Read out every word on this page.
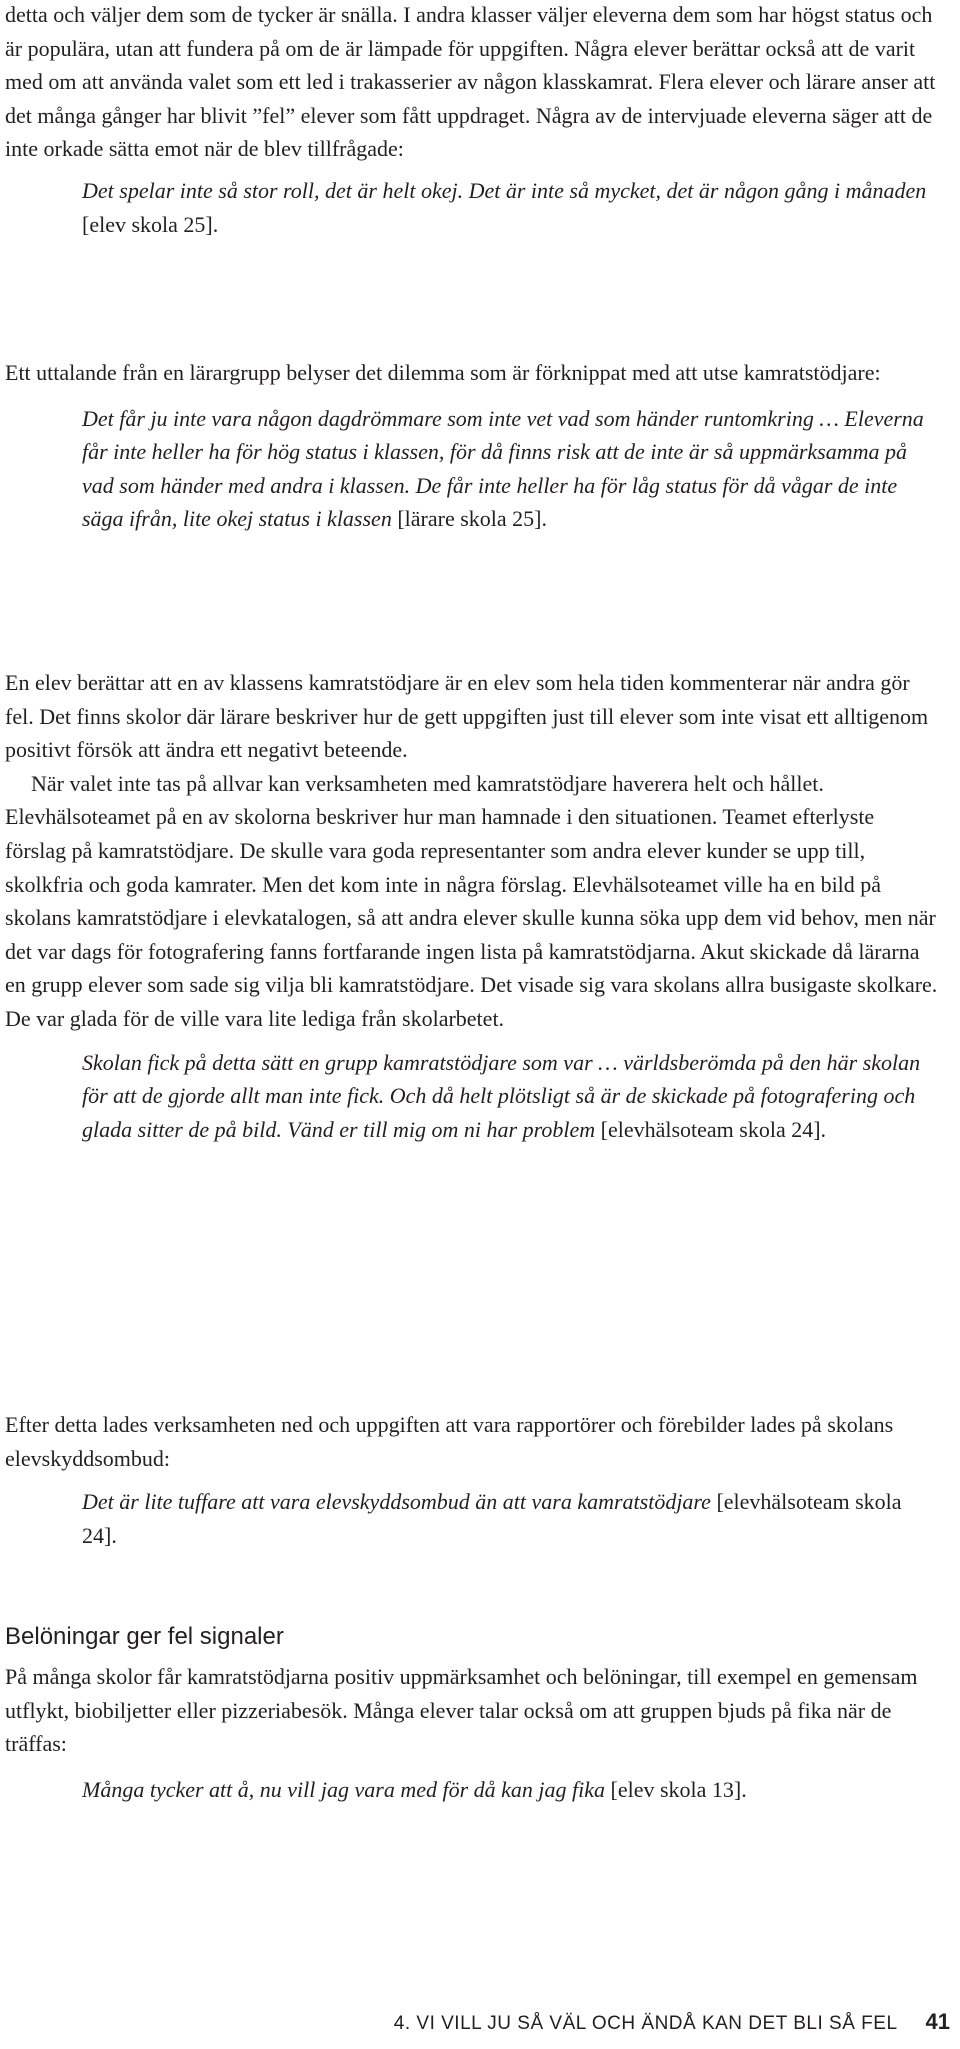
detta och väljer dem som de tycker är snälla. I andra klasser väljer eleverna dem som har högst status och är populära, utan att fundera på om de är lämpade för uppgiften. Några elever berättar också att de varit med om att använda valet som ett led i trakasserier av någon klasskamrat. Flera elever och lärare anser att det många gånger har blivit ”fel” elever som fått uppdraget. Några av de intervjuade eleverna säger att de inte orkade sätta emot när de blev tillfrågade:

Det spelar inte så stor roll, det är helt okej. Det är inte så mycket, det är någon gång i månaden [elev skola 25].

Ett uttalande från en lärargrupp belyser det dilemma som är förknippat med att utse kamratstödjare:

Det får ju inte vara någon dagdrömmare som inte vet vad som händer runtomkring … Eleverna får inte heller ha för hög status i klassen, för då finns risk att de inte är så uppmärksamma på vad som händer med andra i klassen. De får inte heller ha för låg status för då vågar de inte säga ifrån, lite okej status i klassen [lärare skola 25].

En elev berättar att en av klassens kamratstödjare är en elev som hela tiden kommenterar när andra gör fel. Det finns skolor där lärare beskriver hur de gett uppgiften just till elever som inte visat ett alltigenom positivt försök att ändra ett negativt beteende.

När valet inte tas på allvar kan verksamheten med kamratstödjare haverera helt och hållet. Elevhälsoteamet på en av skolorna beskriver hur man hamnade i den situationen. Teamet efterlyste förslag på kamratstödjare. De skulle vara goda representanter som andra elever kunder se upp till, skolkfria och goda kamrater. Men det kom inte in några förslag. Elevhälsoteamet ville ha en bild på skolans kamratstödjare i elevkatalogen, så att andra elever skulle kunna söka upp dem vid behov, men när det var dags för fotografering fanns fortfarande ingen lista på kamratstödjarna. Akut skickade då lärarna en grupp elever som sade sig vilja bli kamratstödjare. Det visade sig vara skolans allra busigaste skolkare. De var glada för de ville vara lite lediga från skolarbetet.

Skolan fick på detta sätt en grupp kamratstödjare som var … världsberömda på den här skolan för att de gjorde allt man inte fick. Och då helt plötsligt så är de skickade på fotografering och glada sitter de på bild. Vänd er till mig om ni har problem [elevhälsoteam skola 24].

Efter detta lades verksamheten ned och uppgiften att vara rapportörer och förebilder lades på skolans elevskyddsombud:

Det är lite tuffare att vara elevskyddsombud än att vara kamratstödjare [elevhälsoteam skola 24].

Belöningar ger fel signaler

På många skolor får kamratstödjarna positiv uppmärksamhet och belöningar, till exempel en gemensam utflykt, biobiljetter eller pizzeriabesök. Många elever talar också om att gruppen bjuds på fika när de träffas:

Många tycker att å, nu vill jag vara med för då kan jag fika [elev skola 13].

4. VI VILL JU SÅ VÄL OCH ÄNDÅ KAN DET BLI SÅ FEL 41
